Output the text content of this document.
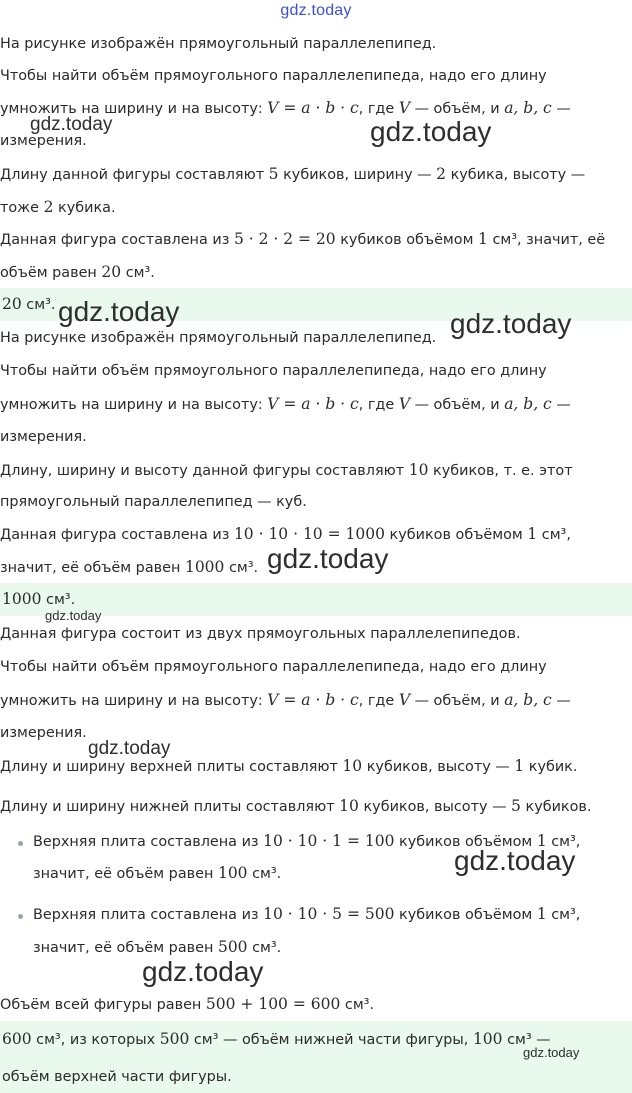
gdz.today
На рисунке изображён прямоугольный параллелепипед.
Чтобы найти объём прямоугольного параллелепипеда, надо его длину
умножить на ширину и на высоту: V = a · b · c, где V — объём, и a, b, c —
измерения.
Длину данной фигуры составляют 5 кубиков, ширину — 2 кубика, высоту —
тоже 2 кубика.
Данная фигура составлена из 5 · 2 · 2 = 20 кубиков объёмом 1 см³, значит, её
объём равен 20 см³.
20 см³.
На рисунке изображён прямоугольный параллелепипед.
Чтобы найти объём прямоугольного параллелепипеда, надо его длину
умножить на ширину и на высоту: V = a · b · c, где V — объём, и a, b, c —
измерения.
Длину, ширину и высоту данной фигуры составляют 10 кубиков, т. е. этот
прямоугольный параллелепипед — куб.
Данная фигура составлена из 10 · 10 · 10 = 1000 кубиков объёмом 1 см³,
значит, её объём равен 1000 см³.
1000 см³.
Данная фигура состоит из двух прямоугольных параллелепипедов.
Чтобы найти объём прямоугольного параллелепипеда, надо его длину
умножить на ширину и на высоту: V = a · b · c, где V — объём, и a, b, c —
измерения.
Длину и ширину верхней плиты составляют 10 кубиков, высоту — 1 кубик.
Длину и ширину нижней плиты составляют 10 кубиков, высоту — 5 кубиков.
Верхняя плита составлена из 10 · 10 · 1 = 100 кубиков объёмом 1 см³,
значит, её объём равен 100 см³.
Верхняя плита составлена из 10 · 10 · 5 = 500 кубиков объёмом 1 см³,
значит, её объём равен 500 см³.
Объём всей фигуры равен 500 + 100 = 600 см³.
600 см³, из которых 500 см³ — объём нижней части фигуры, 100 см³ —
объём верхней части фигуры.
gdz.today	gdz.today
gdz.today	gdz.today
gdz.today
gdz.today
gdz.today
gdz.today
gdz.today
gdz.today
